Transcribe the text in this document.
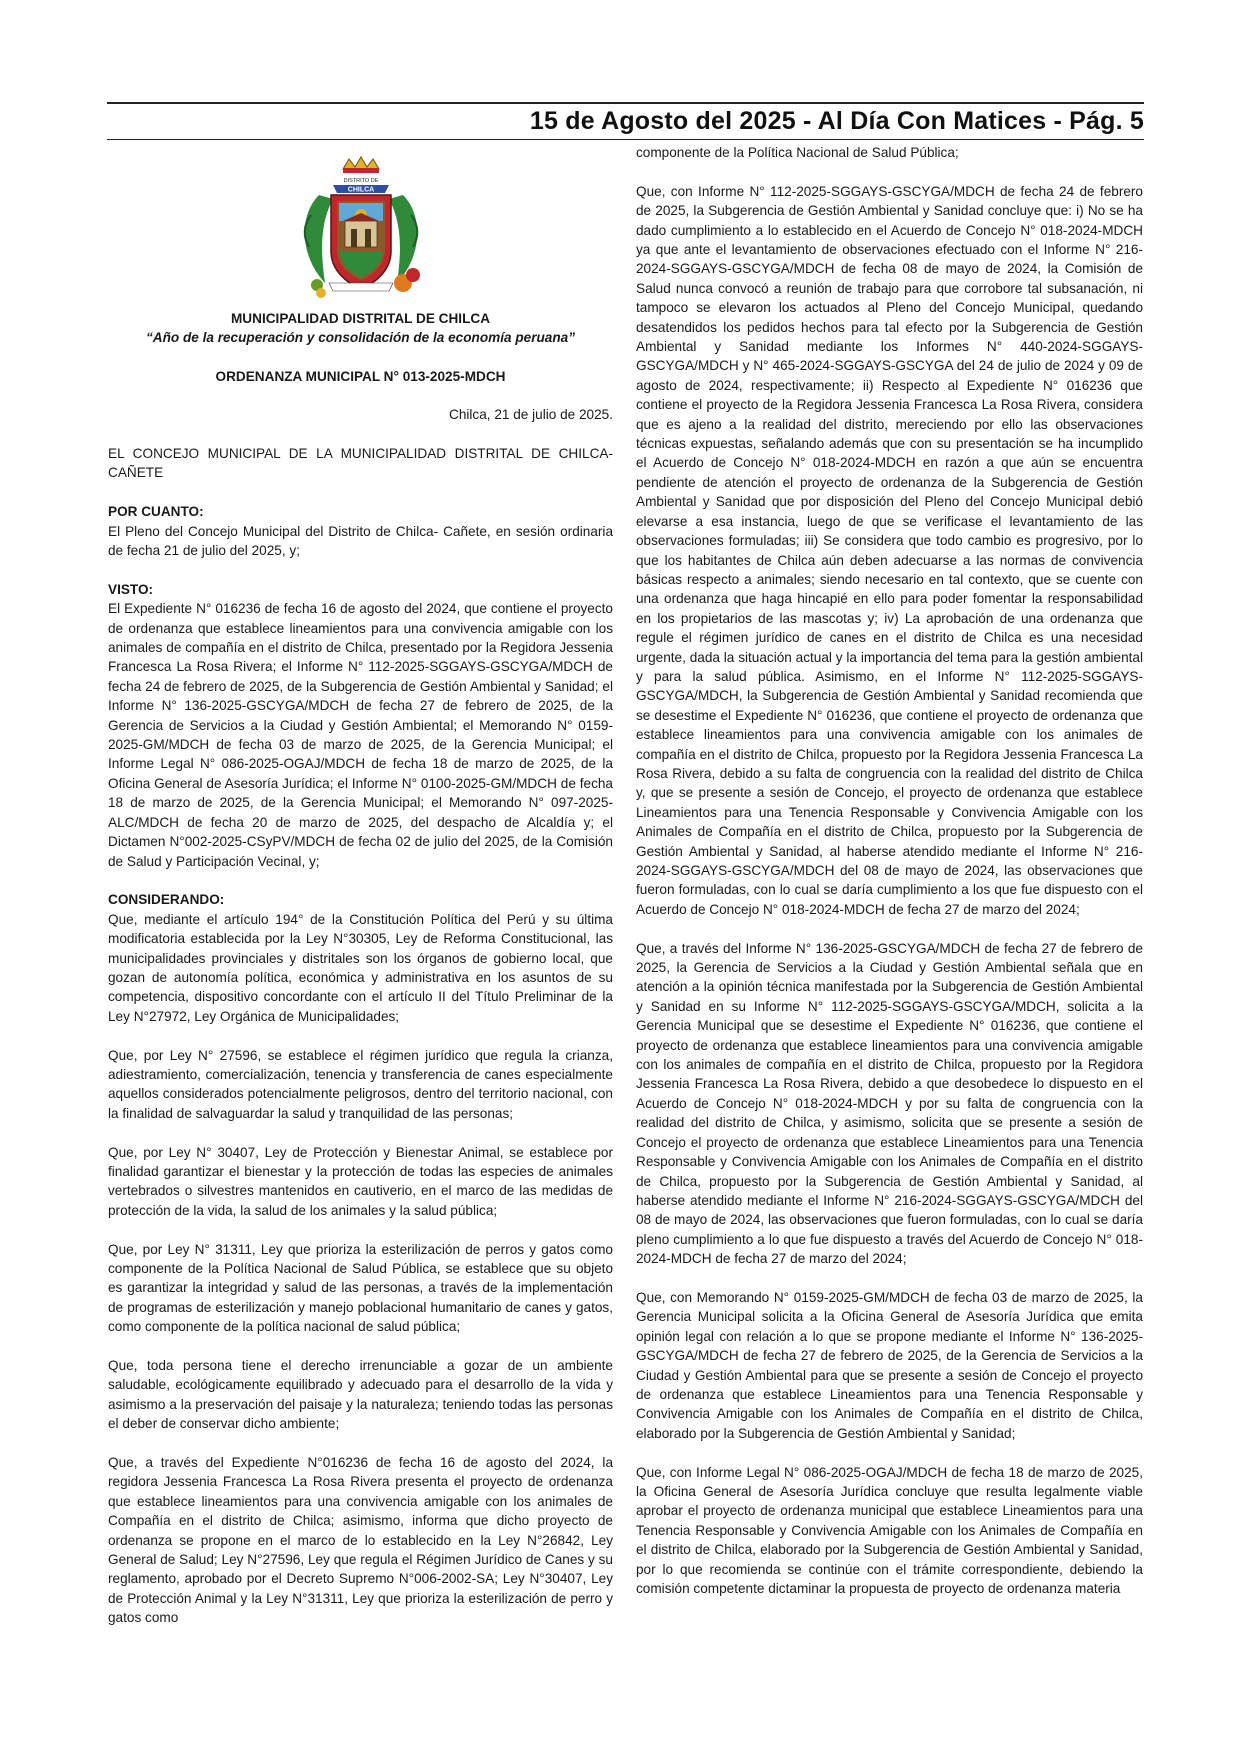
15 de Agosto del 2025 - Al Día Con Matices - Pág. 5
DISTRITO DE
CHILCA

MUNICIPALIDAD DISTRITAL DE CHILCA

“Año de la recuperación y consolidación de la economía peruana”

ORDENANZA MUNICIPAL N° 013-2025-MDCH

Chilca, 21 de julio de 2025.

EL CONCEJO MUNICIPAL DE LA MUNICIPALIDAD DISTRITAL DE CHILCA-CAÑETE

POR CUANTO:

El Pleno del Concejo Municipal del Distrito de Chilca- Cañete, en sesión ordinaria de fecha 21 de julio del 2025, y;

VISTO:

El Expediente N° 016236 de fecha 16 de agosto del 2024, que contiene el proyecto de ordenanza que establece lineamientos para una convivencia amigable con los animales de compañía en el distrito de Chilca, presentado por la Regidora Jessenia Francesca La Rosa Rivera; el Informe N° 112-2025-SGGAYS-GSCYGA/MDCH de fecha 24 de febrero de 2025, de la Subgerencia de Gestión Ambiental y Sanidad; el Informe N° 136-2025-GSCYGA/MDCH de fecha 27 de febrero de 2025, de la Gerencia de Servicios a la Ciudad y Gestión Ambiental; el Memorando N° 0159-2025-GM/MDCH de fecha 03 de marzo de 2025, de la Gerencia Municipal; el Informe Legal N° 086-2025-OGAJ/MDCH de fecha 18 de marzo de 2025, de la Oficina General de Asesoría Jurídica; el Informe N° 0100-2025-GM/MDCH de fecha 18 de marzo de 2025, de la Gerencia Municipal; el Memorando N° 097-2025-ALC/MDCH de fecha 20 de marzo de 2025, del despacho de Alcaldía y; el Dictamen N°002-2025-CSyPV/MDCH de fecha 02 de julio del 2025, de la Comisión de Salud y Participación Vecinal, y;

CONSIDERANDO:

Que, mediante el artículo 194° de la Constitución Política del Perú y su última modificatoria establecida por la Ley N°30305, Ley de Reforma Constitucional, las municipalidades provinciales y distritales son los órganos de gobierno local, que gozan de autonomía política, económica y administrativa en los asuntos de su competencia, dispositivo concordante con el artículo II del Título Preliminar de la Ley N°27972, Ley Orgánica de Municipalidades;

Que, por Ley N° 27596, se establece el régimen jurídico que regula la crianza, adiestramiento, comercialización, tenencia y transferencia de canes especialmente aquellos considerados potencialmente peligrosos, dentro del territorio nacional, con la finalidad de salvaguardar la salud y tranquilidad de las personas;

Que, por Ley N° 30407, Ley de Protección y Bienestar Animal, se establece por finalidad garantizar el bienestar y la protección de todas las especies de animales vertebrados o silvestres mantenidos en cautiverio, en el marco de las medidas de protección de la vida, la salud de los animales y la salud pública;

Que, por Ley N° 31311, Ley que prioriza la esterilización de perros y gatos como componente de la Política Nacional de Salud Pública, se establece que su objeto es garantizar la integridad y salud de las personas, a través de la implementación de programas de esterilización y manejo poblacional humanitario de canes y gatos, como componente de la política nacional de salud pública;

Que, toda persona tiene el derecho irrenunciable a gozar de un ambiente saludable, ecológicamente equilibrado y adecuado para el desarrollo de la vida y asimismo a la preservación del paisaje y la naturaleza; teniendo todas las personas el deber de conservar dicho ambiente;

Que, a través del Expediente N°016236 de fecha 16 de agosto del 2024, la regidora Jessenia Francesca La Rosa Rivera presenta el proyecto de ordenanza que establece lineamientos para una convivencia amigable con los animales de Compañía en el distrito de Chilca; asimismo, informa que dicho proyecto de ordenanza se propone en el marco de lo establecido en la Ley N°26842, Ley General de Salud; Ley N°27596, Ley que regula el Régimen Jurídico de Canes y su reglamento, aprobado por el Decreto Supremo N°006-2002-SA; Ley N°30407, Ley de Protección Animal y la Ley N°31311, Ley que prioriza la esterilización de perro y gatos como

componente de la Política Nacional de Salud Pública;

Que, con Informe N° 112-2025-SGGAYS-GSCYGA/MDCH de fecha 24 de febrero de 2025, la Subgerencia de Gestión Ambiental y Sanidad concluye que: i) No se ha dado cumplimiento a lo establecido en el Acuerdo de Concejo N° 018-2024-MDCH ya que ante el levantamiento de observaciones efectuado con el Informe N° 216-2024-SGGAYS-GSCYGA/MDCH de fecha 08 de mayo de 2024, la Comisión de Salud nunca convocó a reunión de trabajo para que corrobore tal subsanación, ni tampoco se elevaron los actuados al Pleno del Concejo Municipal, quedando desatendidos los pedidos hechos para tal efecto por la Subgerencia de Gestión Ambiental y Sanidad mediante los Informes N° 440-2024-SGGAYS-GSCYGA/MDCH y N° 465-2024-SGGAYS-GSCYGA del 24 de julio de 2024 y 09 de agosto de 2024, respectivamente; ii) Respecto al Expediente N° 016236 que contiene el proyecto de la Regidora Jessenia Francesca La Rosa Rivera, considera que es ajeno a la realidad del distrito, mereciendo por ello las observaciones técnicas expuestas, señalando además que con su presentación se ha incumplido el Acuerdo de Concejo N° 018-2024-MDCH en razón a que aún se encuentra pendiente de atención el proyecto de ordenanza de la Subgerencia de Gestión Ambiental y Sanidad que por disposición del Pleno del Concejo Municipal debió elevarse a esa instancia, luego de que se verificase el levantamiento de las observaciones formuladas; iii) Se considera que todo cambio es progresivo, por lo que los habitantes de Chilca aún deben adecuarse a las normas de convivencia básicas respecto a animales; siendo necesario en tal contexto, que se cuente con una ordenanza que haga hincapié en ello para poder fomentar la responsabilidad en los propietarios de las mascotas y; iv) La aprobación de una ordenanza que regule el régimen jurídico de canes en el distrito de Chilca es una necesidad urgente, dada la situación actual y la importancia del tema para la gestión ambiental y para la salud pública. Asimismo, en el Informe N° 112-2025-SGGAYS-GSCYGA/MDCH, la Subgerencia de Gestión Ambiental y Sanidad recomienda que se desestime el Expediente N° 016236, que contiene el proyecto de ordenanza que establece lineamientos para una convivencia amigable con los animales de compañía en el distrito de Chilca, propuesto por la Regidora Jessenia Francesca La Rosa Rivera, debido a su falta de congruencia con la realidad del distrito de Chilca y, que se presente a sesión de Concejo, el proyecto de ordenanza que establece Lineamientos para una Tenencia Responsable y Convivencia Amigable con los Animales de Compañía en el distrito de Chilca, propuesto por la Subgerencia de Gestión Ambiental y Sanidad, al haberse atendido mediante el Informe N° 216-2024-SGGAYS-GSCYGA/MDCH del 08 de mayo de 2024, las observaciones que fueron formuladas, con lo cual se daría cumplimiento a los que fue dispuesto con el Acuerdo de Concejo N° 018-2024-MDCH de fecha 27 de marzo del 2024;

Que, a través del Informe N° 136-2025-GSCYGA/MDCH de fecha 27 de febrero de 2025, la Gerencia de Servicios a la Ciudad y Gestión Ambiental señala que en atención a la opinión técnica manifestada por la Subgerencia de Gestión Ambiental y Sanidad en su Informe N° 112-2025-SGGAYS-GSCYGA/MDCH, solicita a la Gerencia Municipal que se desestime el Expediente N° 016236, que contiene el proyecto de ordenanza que establece lineamientos para una convivencia amigable con los animales de compañía en el distrito de Chilca, propuesto por la Regidora Jessenia Francesca La Rosa Rivera, debido a que desobedece lo dispuesto en el Acuerdo de Concejo N° 018-2024-MDCH y por su falta de congruencia con la realidad del distrito de Chilca, y asimismo, solicita que se presente a sesión de Concejo el proyecto de ordenanza que establece Lineamientos para una Tenencia Responsable y Convivencia Amigable con los Animales de Compañía en el distrito de Chilca, propuesto por la Subgerencia de Gestión Ambiental y Sanidad, al haberse atendido mediante el Informe N° 216-2024-SGGAYS-GSCYGA/MDCH del 08 de mayo de 2024, las observaciones que fueron formuladas, con lo cual se daría pleno cumplimiento a lo que fue dispuesto a través del Acuerdo de Concejo N° 018-2024-MDCH de fecha 27 de marzo del 2024;

Que, con Memorando N° 0159-2025-GM/MDCH de fecha 03 de marzo de 2025, la Gerencia Municipal solicita a la Oficina General de Asesoría Jurídica que emita opinión legal con relación a lo que se propone mediante el Informe N° 136-2025-GSCYGA/MDCH de fecha 27 de febrero de 2025, de la Gerencia de Servicios a la Ciudad y Gestión Ambiental para que se presente a sesión de Concejo el proyecto de ordenanza que establece Lineamientos para una Tenencia Responsable y Convivencia Amigable con los Animales de Compañía en el distrito de Chilca, elaborado por la Subgerencia de Gestión Ambiental y Sanidad;

Que, con Informe Legal N° 086-2025-OGAJ/MDCH de fecha 18 de marzo de 2025, la Oficina General de Asesoría Jurídica concluye que resulta legalmente viable aprobar el proyecto de ordenanza municipal que establece Lineamientos para una Tenencia Responsable y Convivencia Amigable con los Animales de Compañía en el distrito de Chilca, elaborado por la Subgerencia de Gestión Ambiental y Sanidad, por lo que recomienda se continúe con el trámite correspondiente, debiendo la comisión competente dictaminar la propuesta de proyecto de ordenanza materia
